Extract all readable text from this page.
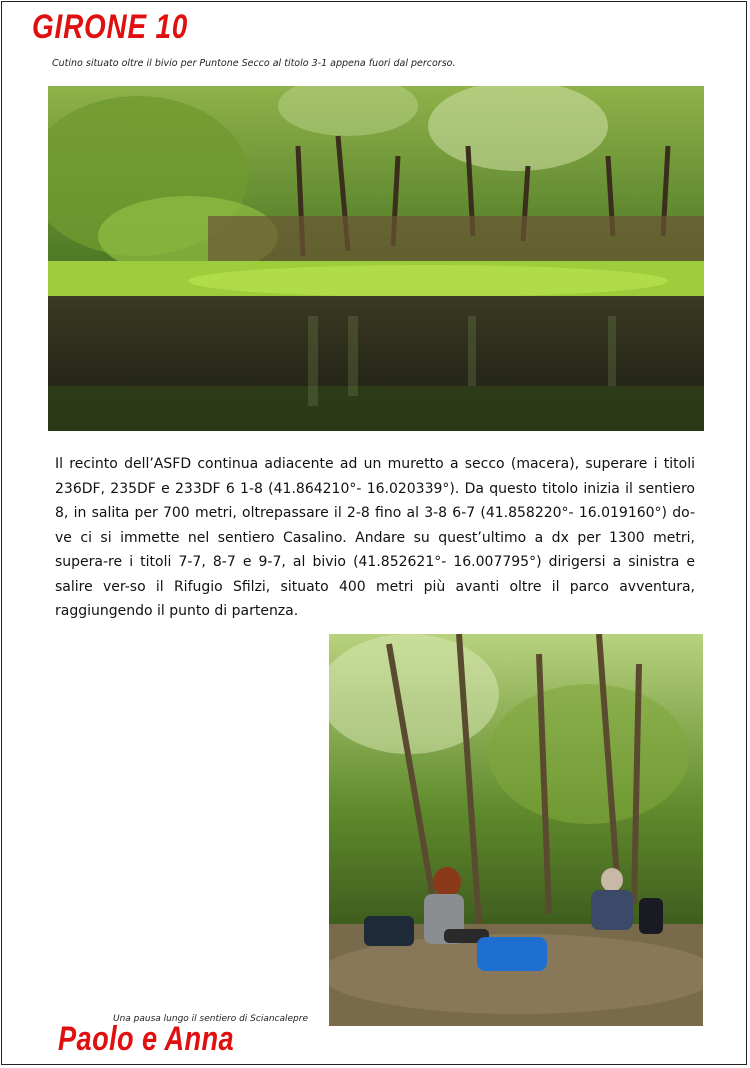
GIRONE 10
Cutino situato oltre il bivio per Puntone Secco al titolo 3-1 appena fuori dal percorso.

Il recinto dell’ASFD continua adiacente ad un muretto a secco (macera), superare i titoli 236DF, 235DF e 233DF 6 1-8 (41.864210°- 16.020339°). Da questo titolo inizia il sentiero 8, in salita per 700 metri, oltrepassare il 2-8 fino al 3-8 6-7 (41.858220°- 16.019160°) do-ve ci si immette nel sentiero Casalino. Andare su quest’ultimo a dx per 1300 metri, supera-re i titoli 7-7, 8-7 e 9-7, al bivio (41.852621°- 16.007795°) dirigersi a sinistra e salire ver-so il Rifugio Sfilzi, situato 400 metri più avanti oltre il parco avventura, raggiungendo il punto di partenza.

Una pausa lungo il sentiero di Sciancalepre
Paolo e Anna
